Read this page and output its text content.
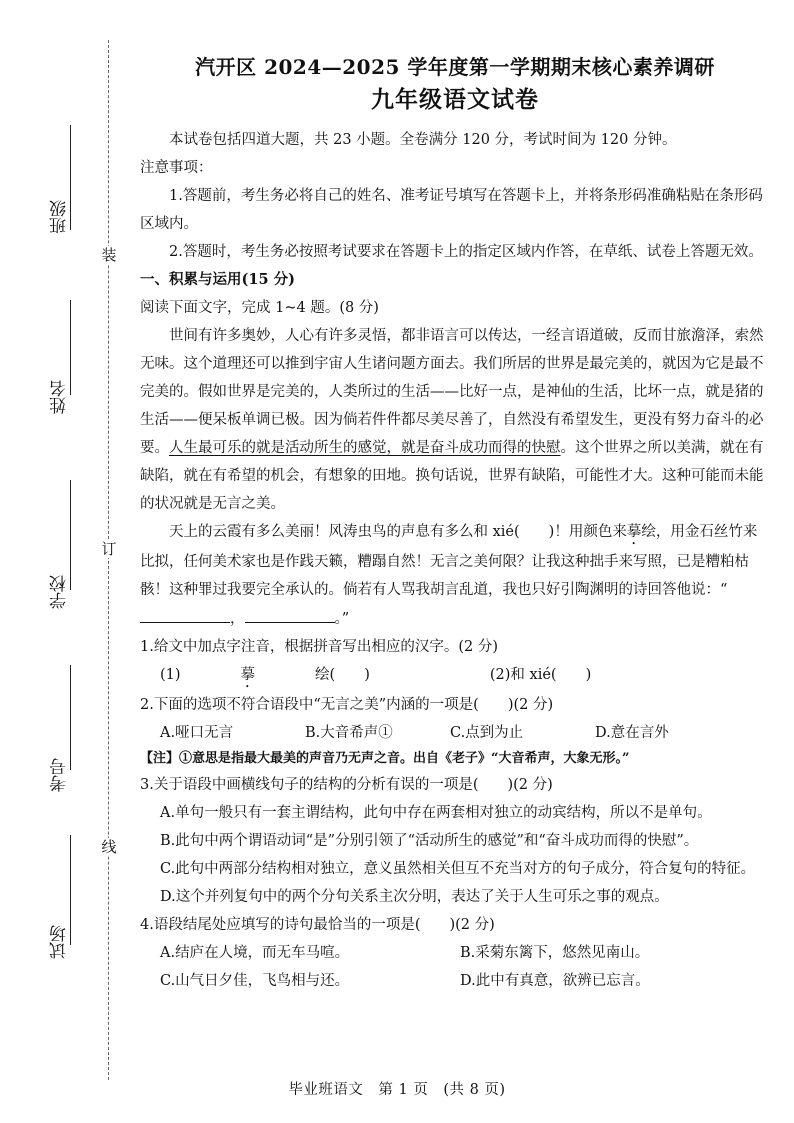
装
订
线
班级
姓名
学校
考号
试场
汽开区 2024—2025 学年度第一学期期末核心素养调研
九年级语文试卷

本试卷包括四道大题，共 23 小题。全卷满分 120 分，考试时间为 120 分钟。

注意事项：

1.答题前，考生务必将自己的姓名、准考证号填写在答题卡上，并将条形码准确粘贴在条形码区域内。

2.答题时，考生务必按照考试要求在答题卡上的指定区域内作答，在草纸、试卷上答题无效。

一、积累与运用(15 分)

阅读下面文字，完成 1~4 题。(8 分)

世间有许多奥妙，人心有许多灵悟，都非语言可以传达，一经言语道破，反而甘旅澹泽，索然无味。这个道理还可以推到宇宙人生诸问题方面去。我们所居的世界是最完美的，就因为它是最不完美的。假如世界是完美的，人类所过的生活——比好一点，是神仙的生活，比坏一点，就是猪的生活——便呆板单调已极。因为倘若件件都尽美尽善了，自然没有希望发生，更没有努力奋斗的必要。人生最可乐的就是活动所生的感觉，就是奋斗成功而得的快慰。这个世界之所以美满，就在有缺陷，就在有希望的机会，有想象的田地。换句话说，世界有缺陷，可能性才大。这种可能而未能的状况就是无言之美。

天上的云霞有多么美丽！风涛虫鸟的声息有多么和 xié(　　)！用颜色来摹绘，用金石丝竹来比拟，任何美术家也是作践天籁，糟蹋自然！无言之美何限？让我这种拙手来写照，已是糟粕枯骸！这种罪过我要完全承认的。倘若有人骂我胡言乱道，我也只好引陶渊明的诗回答他说：“，	。”

1.给文中加点字注音，根据拼音写出相应的汉字。(2 分)

(1)	摹	绘(　　)	(2)和 xié(　　)

2.下面的选项不符合语段中“无言之美”内涵的一项是(　　)(2 分)

A.哑口无言	B.大音希声①	C.点到为止	D.意在言外

【注】①意思是指最大最美的声音乃无声之音。出自《老子》“大音希声，大象无形。”

3.关于语段中画横线句子的结构的分析有误的一项是(　　)(2 分)

A.单句一般只有一套主谓结构，此句中存在两套相对独立的动宾结构，所以不是单句。

B.此句中两个谓语动词“是”分别引领了“活动所生的感觉”和“奋斗成功而得的快慰”。

C.此句中两部分结构相对独立，意义虽然相关但互不充当对方的句子成分，符合复句的特征。

D.这个并列复句中的两个分句关系主次分明，表达了关于人生可乐之事的观点。

4.语段结尾处应填写的诗句最恰当的一项是(　　)(2 分)

A.结庐在人境，而无车马喧。	B.采菊东篱下，悠然见南山。
C.山气日夕佳，飞鸟相与还。	D.此中有真意，欲辨已忘言。
毕业班语文　第 1 页　(共 8 页)
